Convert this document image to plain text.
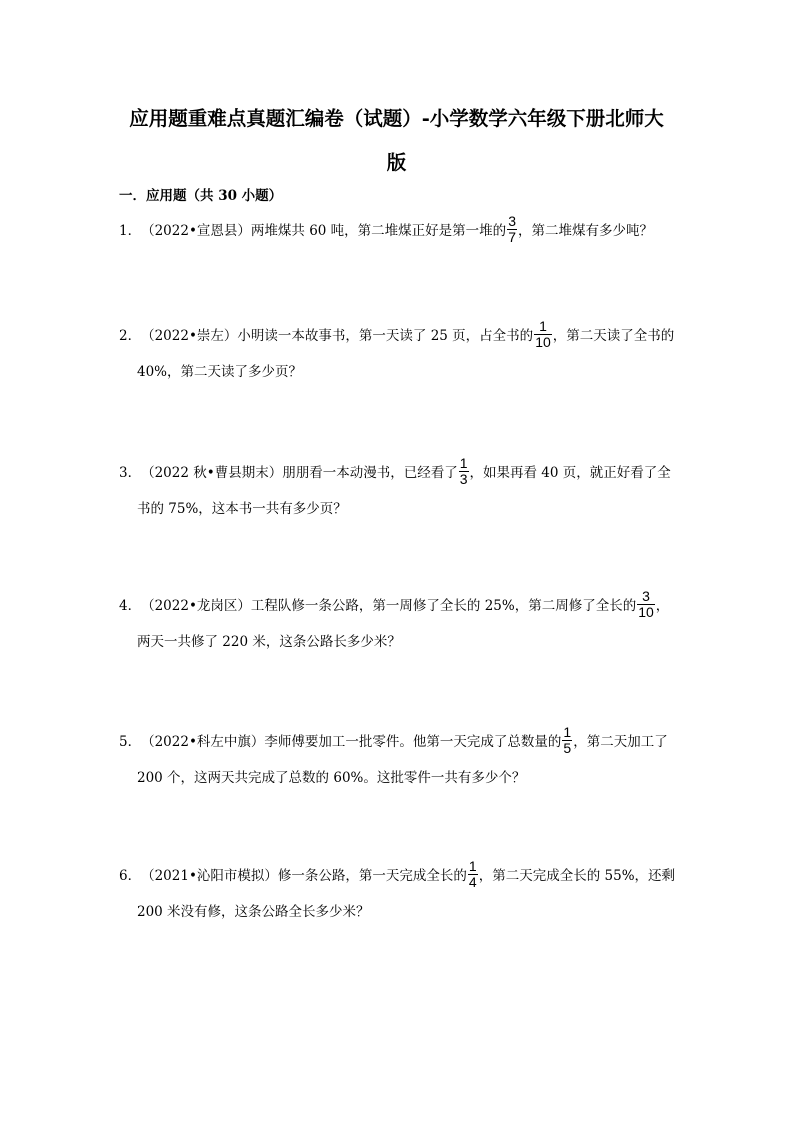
应用题重难点真题汇编卷（试题）-小学数学六年级下册北师大
版
一．应用题（共 30 小题）
1． （2022•宣恩县）两堆煤共 60 吨，第二堆煤正好是第一堆的 $\frac{3}{7}$ ，第二堆煤有多少吨？
2． （2022•崇左）小明读一本故事书，第一天读了 25 页，占全书的 $\frac{1}{10}$ ，第二天读了全书的
40%，第二天读了多少页？
3． （2022 秋•曹县期末）朋朋看一本动漫书，已经看了 $\frac{1}{3}$ ，如果再看 40 页，就正好看了全
书的 75%，这本书一共有多少页？
4． （2022•龙岗区）工程队修一条公路，第一周修了全长的 25%，第二周修了全长的 $\frac{3}{10}$ ，
两天一共修了 220 米，这条公路长多少米？
5． （2022•科左中旗）李师傅要加工一批零件。他第一天完成了总数量的 $\frac{1}{5}$ ，第二天加工了
200 个，这两天共完成了总数的 60%。这批零件一共有多少个？
6． （2021•沁阳市模拟）修一条公路，第一天完成全长的 $\frac{1}{4}$ ，第二天完成全长的 55%，还剩
200 米没有修，这条公路全长多少米？
